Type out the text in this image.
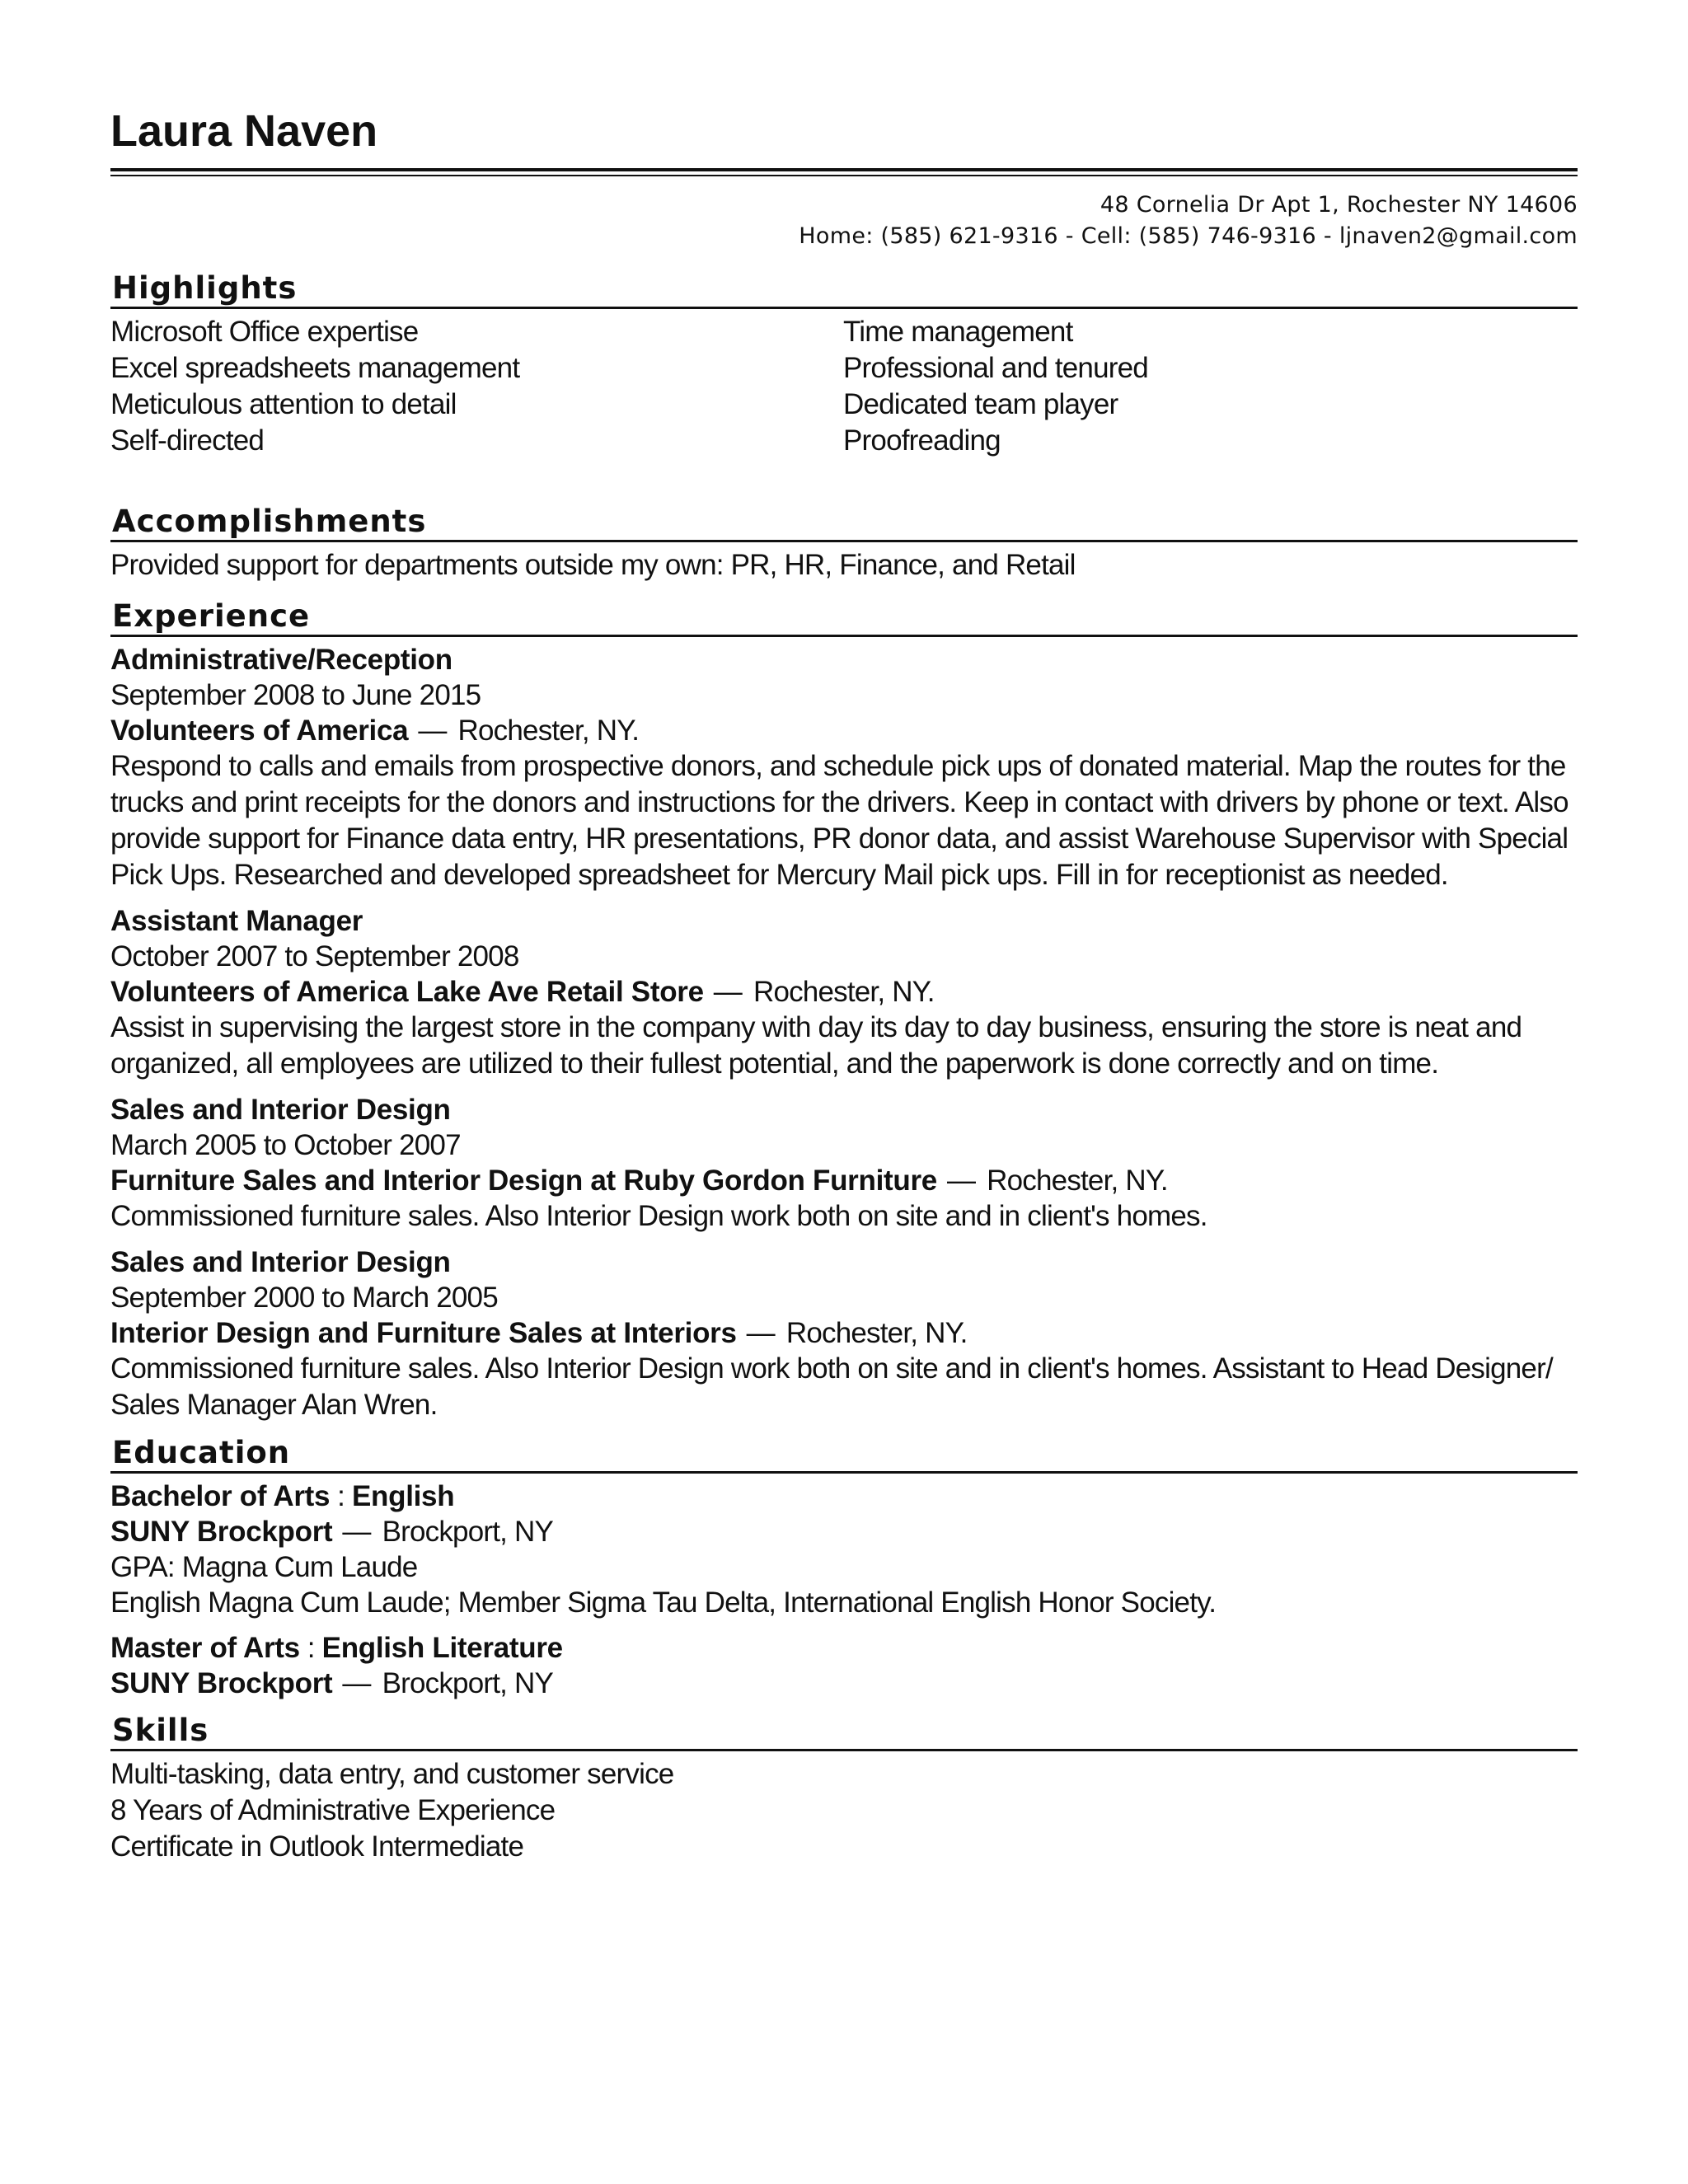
Laura Naven
48 Cornelia Dr Apt 1, Rochester NY 14606
Home: (585) 621-9316 - Cell: (585) 746-9316 - ljnaven2@gmail.com
Highlights
Microsoft Office expertise
Excel spreadsheets management
Meticulous attention to detail
Self-directed
Time management
Professional and tenured
Dedicated team player
Proofreading
Accomplishments
Provided support for departments outside my own: PR, HR, Finance, and Retail
Experience
Administrative/Reception
September 2008 to June 2015
Volunteers of America — Rochester, NY.
Respond to calls and emails from prospective donors, and schedule pick ups of donated material. Map the routes for the trucks and print receipts for the donors and instructions for the drivers. Keep in contact with drivers by phone or text. Also provide support for Finance data entry, HR presentations, PR donor data, and assist Warehouse Supervisor with Special Pick Ups. Researched and developed spreadsheet for Mercury Mail pick ups. Fill in for receptionist as needed.
Assistant Manager
October 2007 to September 2008
Volunteers of America Lake Ave Retail Store — Rochester, NY.
Assist in supervising the largest store in the company with day its day to day business, ensuring the store is neat and organized, all employees are utilized to their fullest potential, and the paperwork is done correctly and on time.
Sales and Interior Design
March 2005 to October 2007
Furniture Sales and Interior Design at Ruby Gordon Furniture — Rochester, NY.
Commissioned furniture sales. Also Interior Design work both on site and in client's homes.
Sales and Interior Design
September 2000 to March 2005
Interior Design and Furniture Sales at Interiors — Rochester, NY.
Commissioned furniture sales. Also Interior Design work both on site and in client's homes. Assistant to Head Designer/ Sales Manager Alan Wren.
Education
Bachelor of Arts : English
SUNY Brockport — Brockport, NY
GPA: Magna Cum Laude
English Magna Cum Laude; Member Sigma Tau Delta, International English Honor Society.
Master of Arts : English Literature
SUNY Brockport — Brockport, NY
Skills
Multi-tasking, data entry, and customer service
8 Years of Administrative Experience
Certificate in Outlook Intermediate
